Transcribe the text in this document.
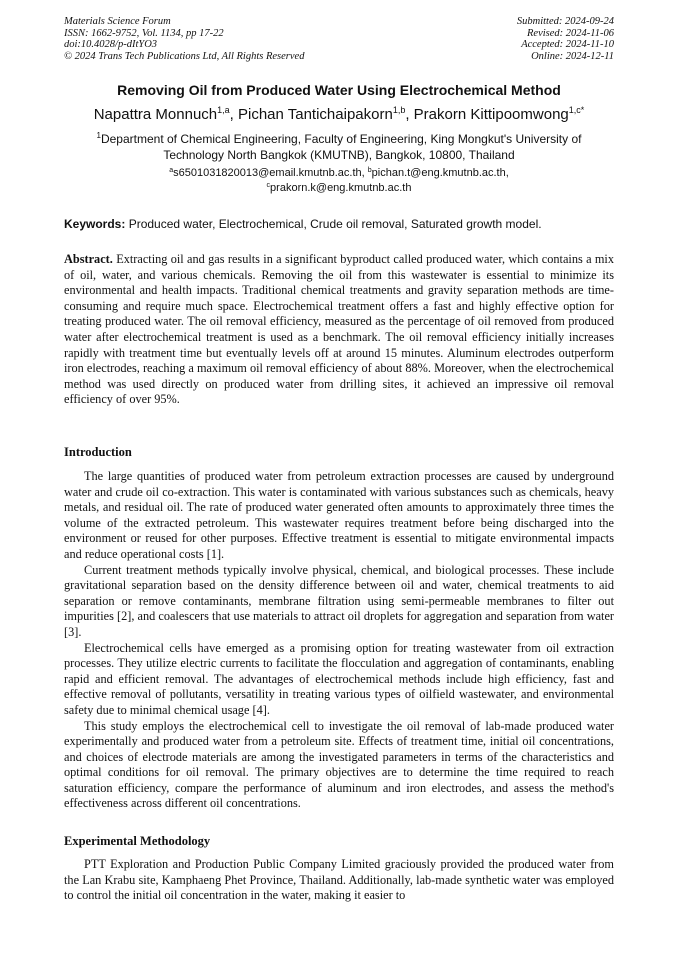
Materials Science Forum
ISSN: 1662-9752, Vol. 1134, pp 17-22
doi:10.4028/p-dItYO3
© 2024 Trans Tech Publications Ltd, All Rights Reserved
Submitted: 2024-09-24
Revised: 2024-11-06
Accepted: 2024-11-10
Online: 2024-12-11
Removing Oil from Produced Water Using Electrochemical Method
Napattra Monnuch$^{1,a}$, Pichan Tantichaipakorn$^{1,b}$, Prakorn Kittipoomwong$^{1,c*}$
$^1$Department of Chemical Engineering, Faculty of Engineering, King Mongkut's University of
Technology North Bangkok (KMUTNB), Bangkok, 10800, Thailand
$^a$s6501031820013@email.kmutnb.ac.th, $^b$pichan.t@eng.kmutnb.ac.th,
$^c$prakorn.k@eng.kmutnb.ac.th
Keywords: Produced water, Electrochemical, Crude oil removal, Saturated growth model.

Abstract. Extracting oil and gas results in a significant byproduct called produced water, which contains a mix of oil, water, and various chemicals. Removing the oil from this wastewater is essential to minimize its environmental and health impacts. Traditional chemical treatments and gravity separation methods are time-consuming and require much space. Electrochemical treatment offers a fast and highly effective option for treating produced water. The oil removal efficiency, measured as the percentage of oil removed from produced water after electrochemical treatment is used as a benchmark. The oil removal efficiency initially increases rapidly with treatment time but eventually levels off at around 15 minutes. Aluminum electrodes outperform iron electrodes, reaching a maximum oil removal efficiency of about 88%. Moreover, when the electrochemical method was used directly on produced water from drilling sites, it achieved an impressive oil removal efficiency of over 95%.

Introduction

The large quantities of produced water from petroleum extraction processes are caused by underground water and crude oil co-extraction. This water is contaminated with various substances such as chemicals, heavy metals, and residual oil. The rate of produced water generated often amounts to approximately three times the volume of the extracted petroleum. This wastewater requires treatment before being discharged into the environment or reused for other purposes. Effective treatment is essential to mitigate environmental impacts and reduce operational costs [1].

Current treatment methods typically involve physical, chemical, and biological processes. These include gravitational separation based on the density difference between oil and water, chemical treatments to aid separation or remove contaminants, membrane filtration using semi-permeable membranes to filter out impurities [2], and coalescers that use materials to attract oil droplets for aggregation and separation from water [3].

Electrochemical cells have emerged as a promising option for treating wastewater from oil extraction processes. They utilize electric currents to facilitate the flocculation and aggregation of contaminants, enabling rapid and efficient removal. The advantages of electrochemical methods include high efficiency, fast and effective removal of pollutants, versatility in treating various types of oilfield wastewater, and environmental safety due to minimal chemical usage [4].

This study employs the electrochemical cell to investigate the oil removal of lab-made produced water experimentally and produced water from a petroleum site. Effects of treatment time, initial oil concentrations, and choices of electrode materials are among the investigated parameters in terms of the characteristics and optimal conditions for oil removal. The primary objectives are to determine the time required to reach saturation efficiency, compare the performance of aluminum and iron electrodes, and assess the method's effectiveness across different oil concentrations.

Experimental Methodology

PTT Exploration and Production Public Company Limited graciously provided the produced water from the Lan Krabu site, Kamphaeng Phet Province, Thailand. Additionally, lab-made synthetic water was employed to control the initial oil concentration in the water, making it easier to
